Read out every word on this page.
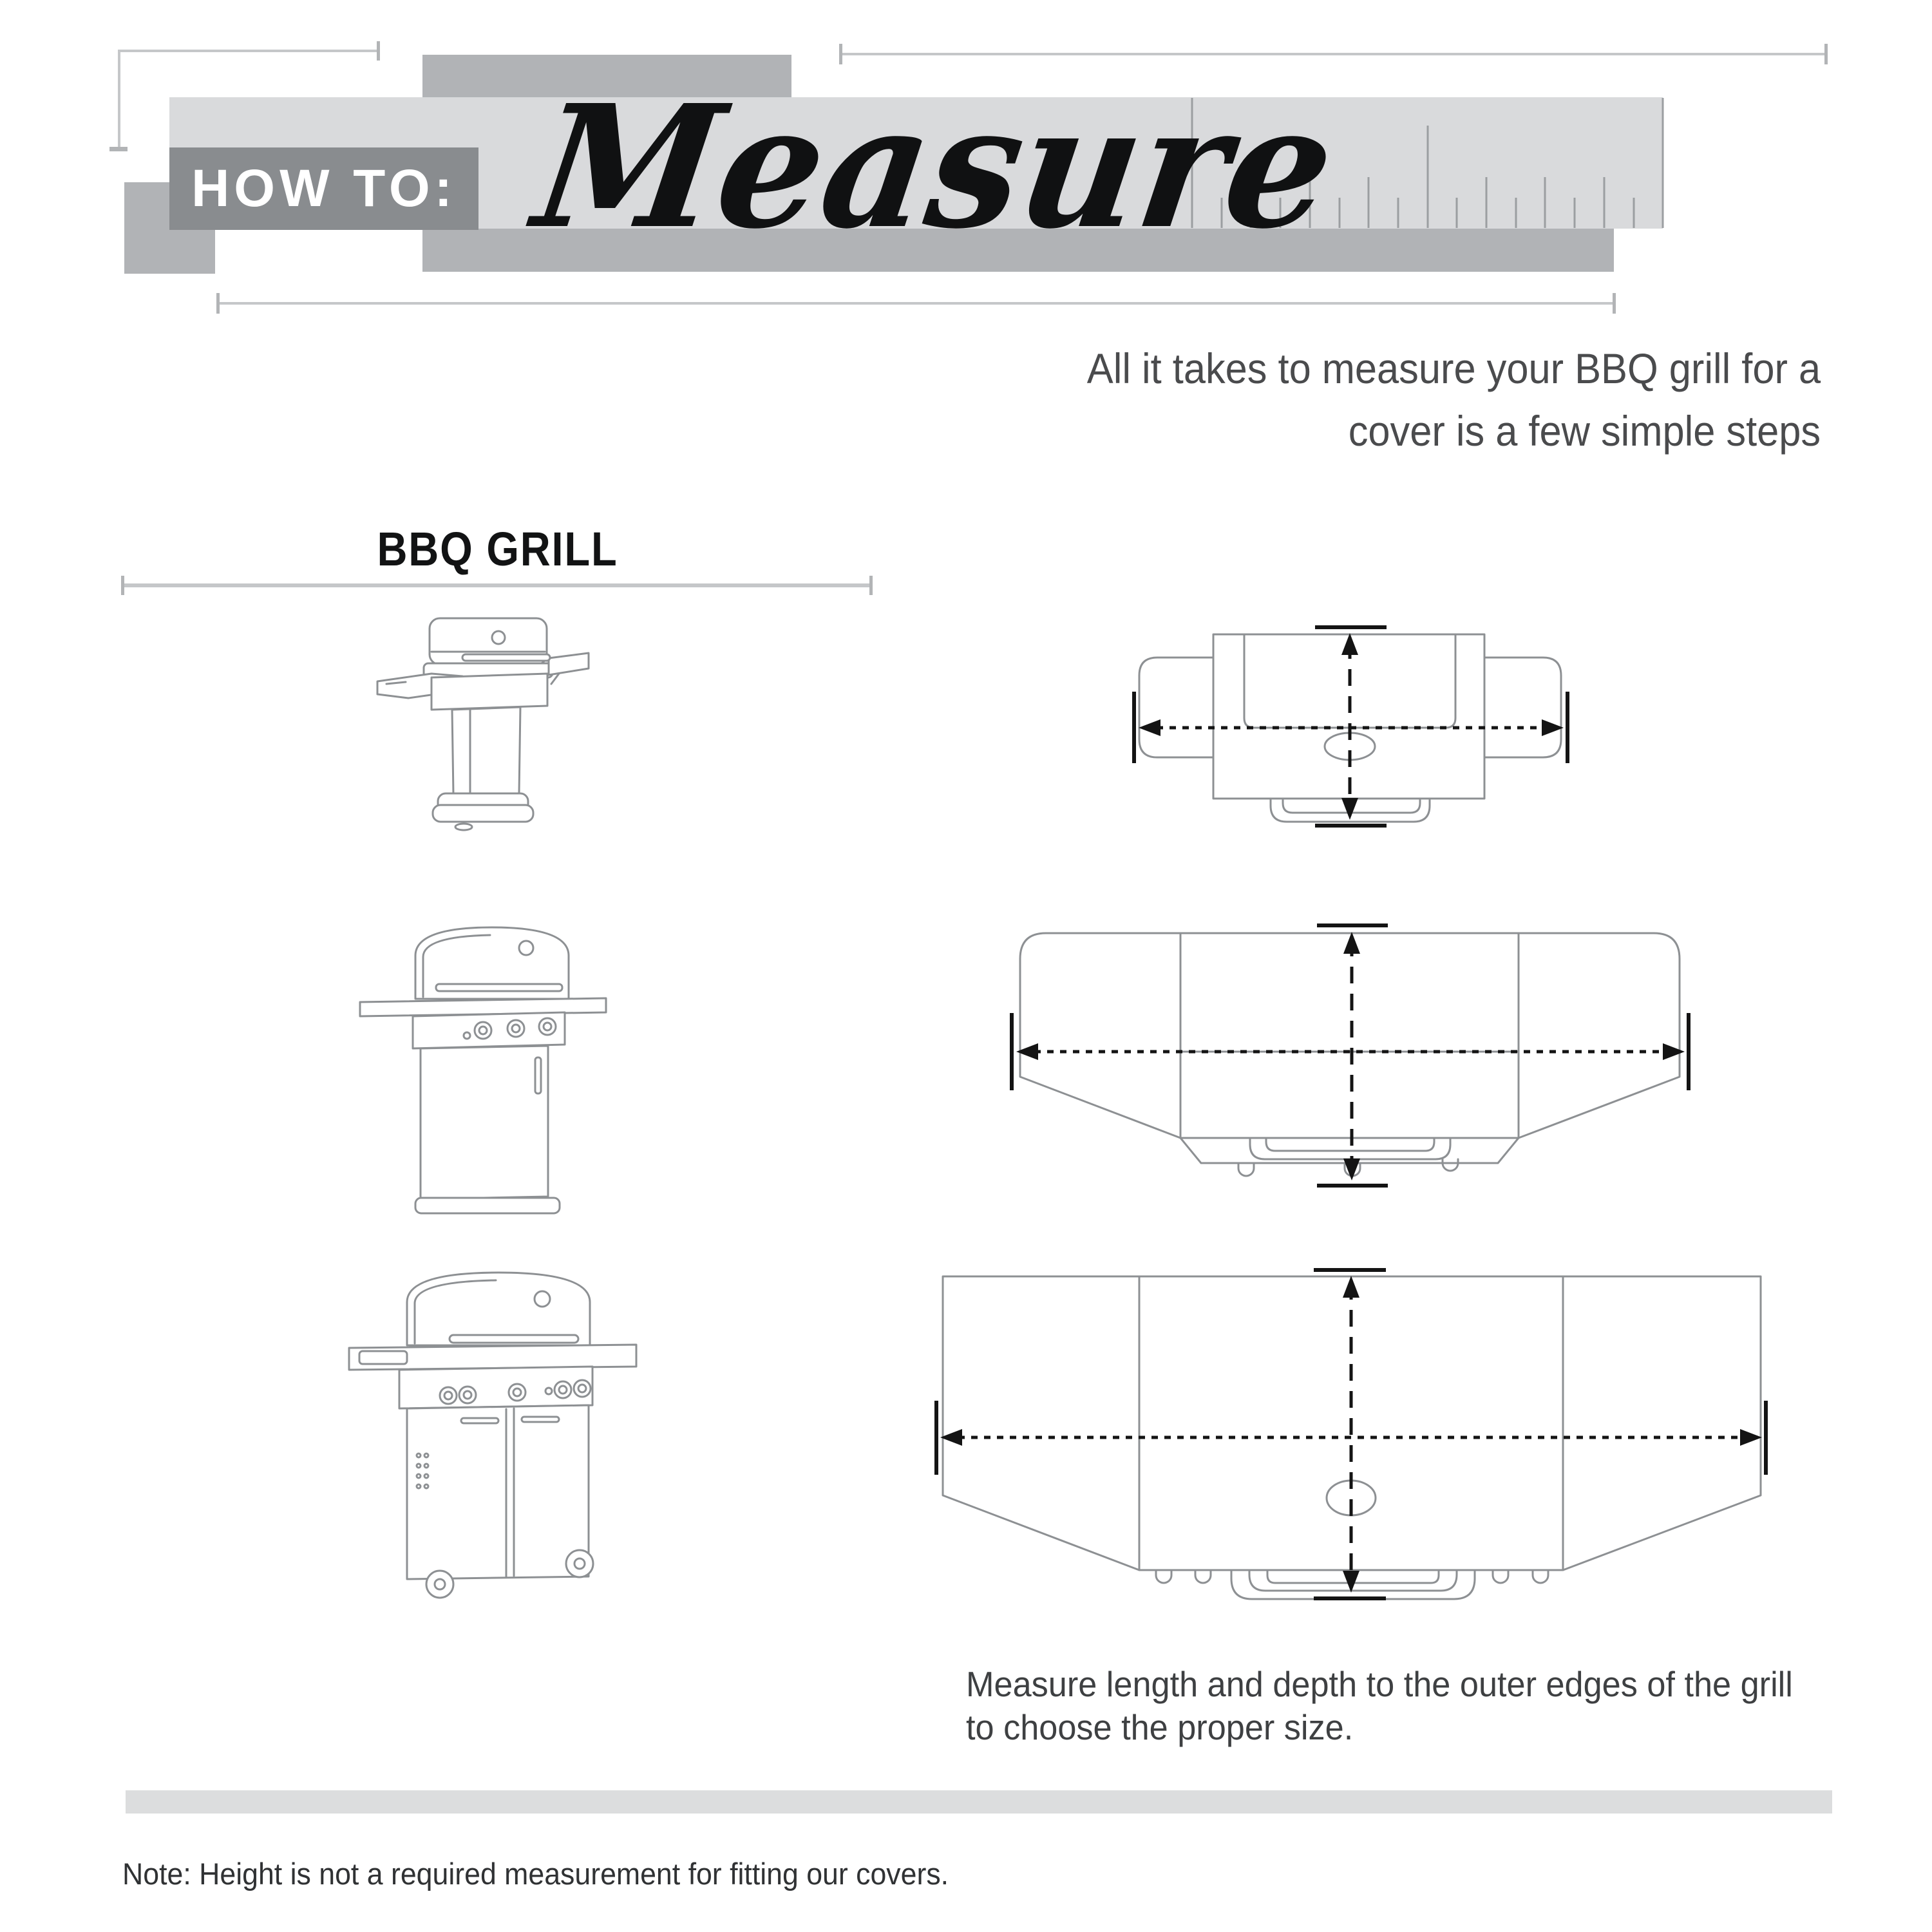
HOW TO: Measure
All it takes to measure your BBQ grill for a
cover is a few simple steps
BBQ GRILL
Measure length and depth to the outer edges of the grill
to choose the proper size.
Note: Height is not a required measurement for fitting our covers.
